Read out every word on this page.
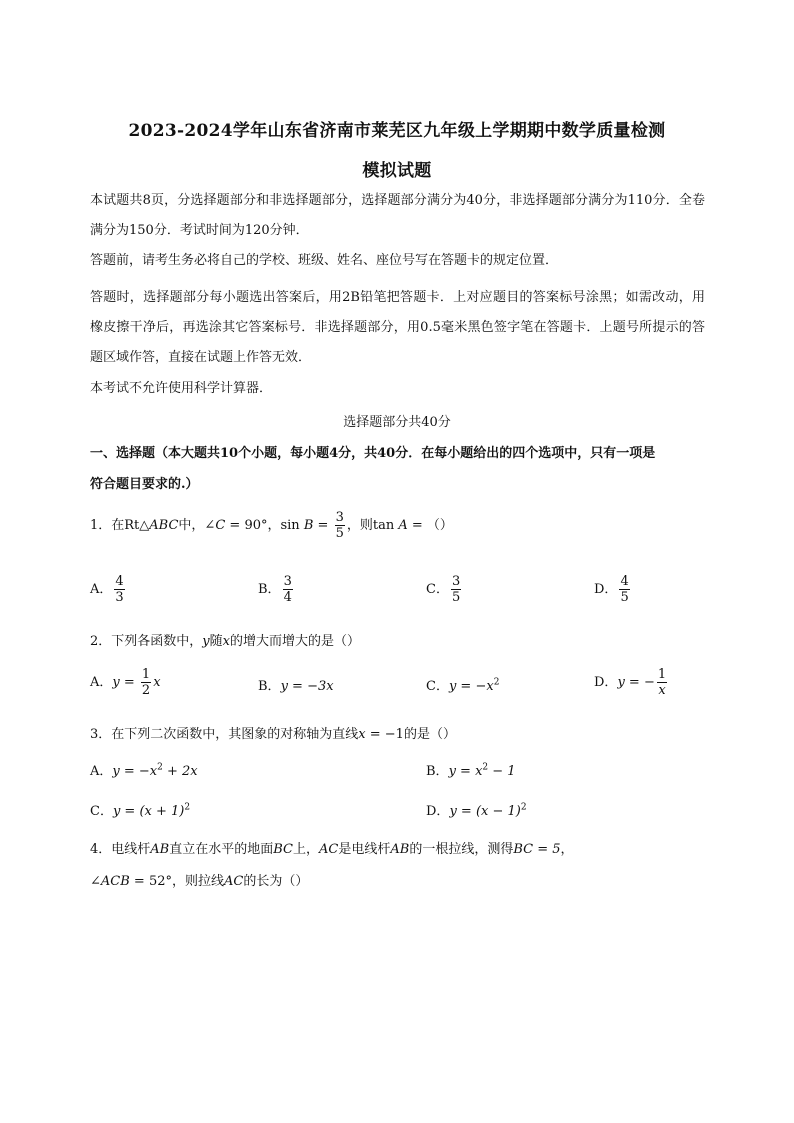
2023-2024学年山东省济南市莱芜区九年级上学期期中数学质量检测
模拟试题
本试题共8页，分选择题部分和非选择题部分，选择题部分满分为40分，非选择题部分满分为110分．全卷满分为150分．考试时间为120分钟．
答题前，请考生务必将自己的学校、班级、姓名、座位号写在答题卡的规定位置．
答题时，选择题部分每小题选出答案后，用2B铅笔把答题卡．上对应题目的答案标号涂黑；如需改动，用橡皮擦干净后，再选涂其它答案标号．非选择题部分，用0.5毫米黑色签字笔在答题卡．上题号所提示的答题区域作答，直接在试题上作答无效．
本考试不允许使用科学计算器．
选择题部分共40分
一、选择题（本大题共10个小题，每小题4分，共40分．在每小题给出的四个选项中，只有一项是
符合题目要求的.）
1．在Rt△ABC中，∠C = 90°，$\sin B = \frac{3}{5}$ ，则tan A = （）
A． $\frac{4}{3}$	B． $\frac{3}{4}$	C． $\frac{3}{5}$	D． $\frac{4}{5}$
2．下列各函数中，y随x的增大而增大的是（）
A．$y = \frac{1}{2}$ x	B．y = −3x	C．$y = -x^2$	D．y = − $\frac{1}{x}$
3．在下列二次函数中，其图象的对称轴为直线x = −1的是（）
A．$y = -x^2 + 2x$	B．$y = x^2 - 1$
C．$y = (x + 1)^2$	D．$y = (x - 1)^2$
4．电线杆AB直立在水平的地面BC上，AC是电线杆AB的一根拉线，测得BC = 5，
∠ACB = 52°，则拉线AC的长为（）
